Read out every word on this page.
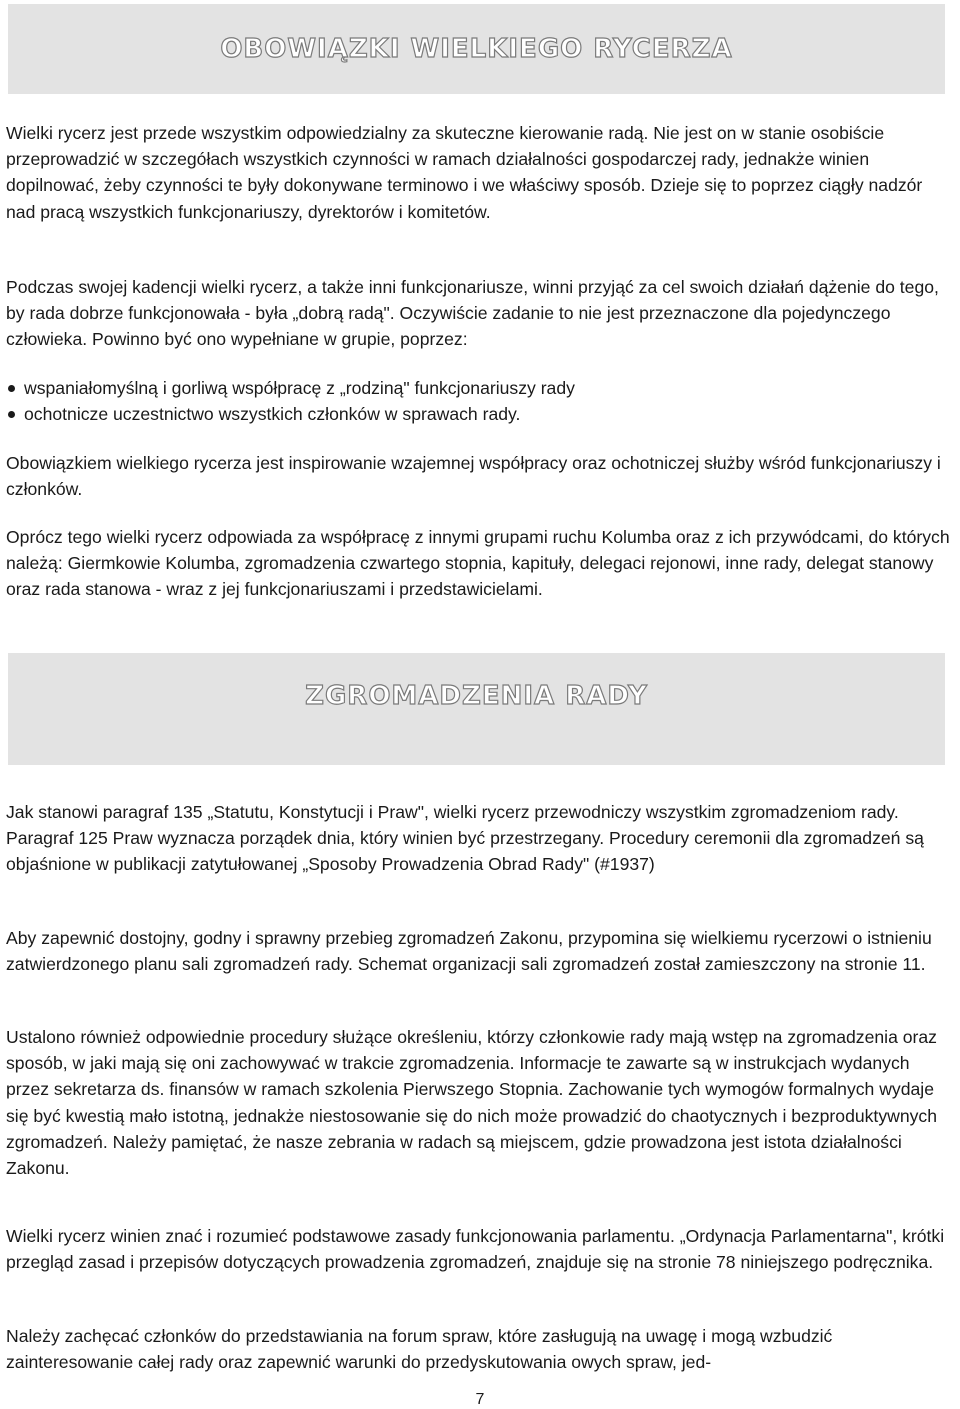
OBOWIĄZKI WIELKIEGO RYCERZA

Wielki rycerz jest przede wszystkim odpowiedzialny za skuteczne kierowanie radą. Nie jest on w stanie osobiście przeprowadzić w szczegółach wszystkich czynności w ramach działalności gospodarczej rady, jednakże winien dopilnować, żeby czynności te były dokonywane terminowo i we właściwy sposób. Dzieje się to poprzez ciągły nadzór nad pracą wszystkich funkcjonariuszy, dyrektorów i komitetów.

Podczas swojej kadencji wielki rycerz, a także inni funkcjonariusze, winni przyjąć za cel swoich działań dążenie do tego, by rada dobrze funkcjonowała - była „dobrą radą". Oczywiście zadanie to nie jest przeznaczone dla pojedynczego człowieka. Powinno być ono wypełniane w grupie, poprzez:

wspaniałomyślną i gorliwą współpracę z „rodziną" funkcjonariuszy rady
ochotnicze uczestnictwo wszystkich członków w sprawach rady.

Obowiązkiem wielkiego rycerza jest inspirowanie wzajemnej współpracy oraz ochotniczej służby wśród funkcjonariuszy i członków.

Oprócz tego wielki rycerz odpowiada za współpracę z innymi grupami ruchu Kolumba oraz z ich przywódcami, do których należą: Giermkowie Kolumba, zgromadzenia czwartego stopnia, kapituły, delegaci rejonowi, inne rady, delegat stanowy oraz rada stanowa - wraz z jej funkcjonariuszami i przedstawicielami.

ZGROMADZENIA RADY

Jak stanowi paragraf 135 „Statutu, Konstytucji i Praw", wielki rycerz przewodniczy wszystkim zgromadzeniom rady. Paragraf 125 Praw wyznacza porządek dnia, który winien być przestrzegany. Procedury ceremonii dla zgromadzeń są objaśnione w publikacji zatytułowanej „Sposoby Prowadzenia Obrad Rady" (#1937)

Aby zapewnić dostojny, godny i sprawny przebieg zgromadzeń Zakonu, przypomina się wielkiemu rycerzowi o istnieniu zatwierdzonego planu sali zgromadzeń rady. Schemat organizacji sali zgromadzeń został zamieszczony na stronie 11.

Ustalono również odpowiednie procedury służące określeniu, którzy członkowie rady mają wstęp na zgromadzenia oraz sposób, w jaki mają się oni zachowywać w trakcie zgromadzenia. Informacje te zawarte są w instrukcjach wydanych przez sekretarza ds. finansów w ramach szkolenia Pierwszego Stopnia. Zachowanie tych wymogów formalnych wydaje się być kwestią mało istotną, jednakże niestosowanie się do nich może prowadzić do chaotycznych i bezproduktywnych zgromadzeń. Należy pamiętać, że nasze zebrania w radach są miejscem, gdzie prowadzona jest istota działalności Zakonu.

Wielki rycerz winien znać i rozumieć podstawowe zasady funkcjonowania parlamentu. „Ordynacja Parlamentarna", krótki przegląd zasad i przepisów dotyczących prowadzenia zgromadzeń, znajduje się na stronie 78 niniejszego podręcznika.

Należy zachęcać członków do przedstawiania na forum spraw, które zasługują na uwagę i mogą wzbudzić zainteresowanie całej rady oraz zapewnić warunki do przedyskutowania owych spraw, jed-

7
